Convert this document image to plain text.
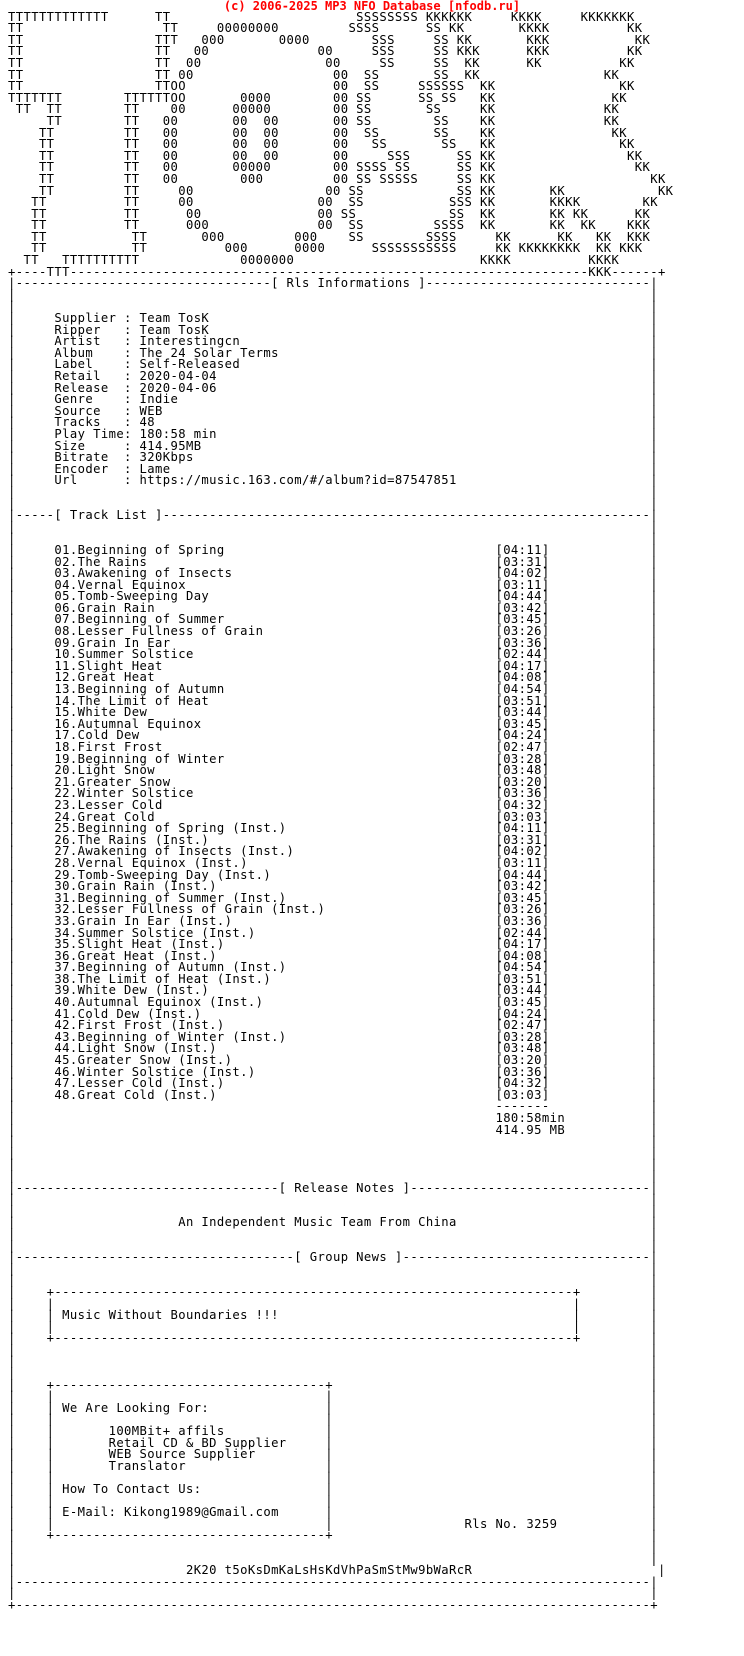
(c) 2006-2025 MP3 NFO Database [nfodb.ru]

TTTTTTTTTTTTT      TT                        SSSSSSSS KKKKKK     KKKK     KKKKKKK
TT                  TT     00000000         SSSS      SS KK       KKKK          KK
TT                 TTT   000       0000        SSS     SS KK       KKK           KK
TT                 TT   00              00     SSS     SS KKK      KKK          KK
TT                 TT  00                00     SS     SS  KK      KK          KK
TT                 TT 00                  00  SS       SS  KK                KK
TT                 TTOO                   00  SS     SSSSSS  KK                KK
TTTTTTT        TTTTTTOO       0000        00 SS      SS SS   KK               KK
TT  TT        TT    00      00000        00 SS       SS     KK              KK
TT        TT   00       00  00       00 SS        SS    KK              KK
TT         TT   00       00  00       00  SS       SS    KK               KK
TT         TT   00       00  00       00   SS       SS   KK                KK
TT         TT   00       00  00       00     SSS      SS KK                 KK
TT         TT   00       00000        00 SSSS SS      SS KK                  KK
TT         TT   00        000         00 SS SSSSS     SS KK                    KK
TT         TT     00                 00 SS            SS KK       KK            KK
TT          TT     00                00  SS           SSS KK       KKKK        KK
TT          TT      00               00 SS            SS  KK       KK KK      KK
TT          TT      000              00  SS         SSSS  KK       KK  KK    KKK
TT           TT       000         000    SS        SSSS     KK      KK   KK  KKK
TT           TT          000      0000      SSSSSSSSSSS     KK KKKKKKKK  KK KKK
TT   TTTTTTTTTT             0000000                        KKKK          KKKK
+----TTT-------------------------------------------------------------------KKK------+
|---------------------------------[ Rls Informations ]-----------------------------|
|                                                                                  |
|                                                                                  |
|     Supplier : Team TosK                                                         |
|     Ripper   : Team TosK                                                         |
|     Artist   : Interestingcn                                                     |
|     Album    : The 24 Solar Terms                                                |
|     Label    : Self-Released                                                     |
|     Retail   : 2020-04-04                                                        |
|     Release  : 2020-04-06                                                        |
|     Genre    : Indie                                                             |
|     Source   : WEB                                                               |
|     Tracks   : 48                                                                |
|     Play Time: 180:58 min                                                        |
|     Size     : 414.95MB                                                          |
|     Bitrate  : 320Kbps                                                           |
|     Encoder  : Lame                                                              |
|     Url      : https://music.163.com/#/album?id=87547851                         |
|                                                                                  |
|                                                                                  |
|-----[ Track List ]---------------------------------------------------------------|
|                                                                                  |
|                                                                                  |
|     01.Beginning of Spring                                   [04:11]             |
|     02.The Rains                                             [03:31]             |
|     03.Awakening of Insects                                  [04:02]             |
|     04.Vernal Equinox                                        [03:11]             |
|     05.Tomb-Sweeping Day                                     [04:44]             |
|     06.Grain Rain                                            [03:42]             |
|     07.Beginning of Summer                                   [03:45]             |
|     08.Lesser Fullness of Grain                              [03:26]             |
|     09.Grain In Ear                                          [03:36]             |
|     10.Summer Solstice                                       [02:44]             |
|     11.Slight Heat                                           [04:17]             |
|     12.Great Heat                                            [04:08]             |
|     13.Beginning of Autumn                                   [04:54]             |
|     14.The Limit of Heat                                     [03:51]             |
|     15.White Dew                                             [03:44]             |
|     16.Autumnal Equinox                                      [03:45]             |
|     17.Cold Dew                                              [04:24]             |
|     18.First Frost                                           [02:47]             |
|     19.Beginning of Winter                                   [03:28]             |
|     20.Light Snow                                            [03:48]             |
|     21.Greater Snow                                          [03:20]             |
|     22.Winter Solstice                                       [03:36]             |
|     23.Lesser Cold                                           [04:32]             |
|     24.Great Cold                                            [03:03]             |
|     25.Beginning of Spring (Inst.)                           [04:11]             |
|     26.The Rains (Inst.)                                     [03:31]             |
|     27.Awakening of Insects (Inst.)                          [04:02]             |
|     28.Vernal Equinox (Inst.)                                [03:11]             |
|     29.Tomb-Sweeping Day (Inst.)                             [04:44]             |
|     30.Grain Rain (Inst.)                                    [03:42]             |
|     31.Beginning of Summer (Inst.)                           [03:45]             |
|     32.Lesser Fullness of Grain (Inst.)                      [03:26]             |
|     33.Grain In Ear (Inst.)                                  [03:36]             |
|     34.Summer Solstice (Inst.)                               [02:44]             |
|     35.Slight Heat (Inst.)                                   [04:17]             |
|     36.Great Heat (Inst.)                                    [04:08]             |
|     37.Beginning of Autumn (Inst.)                           [04:54]             |
|     38.The Limit of Heat (Inst.)                             [03:51]             |
|     39.White Dew (Inst.)                                     [03:44]             |
|     40.Autumnal Equinox (Inst.)                              [03:45]             |
|     41.Cold Dew (Inst.)                                      [04:24]             |
|     42.First Frost (Inst.)                                   [02:47]             |
|     43.Beginning of Winter (Inst.)                           [03:28]             |
|     44.Light Snow (Inst.)                                    [03:48]             |
|     45.Greater Snow (Inst.)                                  [03:20]             |
|     46.Winter Solstice (Inst.)                               [03:36]             |
|     47.Lesser Cold (Inst.)                                   [04:32]             |
|     48.Great Cold (Inst.)                                    [03:03]             |
|                                                              -------             |
|                                                              180:58min           |
|                                                              414.95 MB           |
|                                                                                  |
|                                                                                  |
|                                                                                  |
|                                                                                  |
|----------------------------------[ Release Notes ]-------------------------------|
|                                                                                  |
|                                                                                  |
|                     An Independent Music Team From China                         |
|                                                                                  |
|                                                                                  |
|------------------------------------[ Group News ]--------------------------------|
|                                                                                  |
|                                                                                  |
|    +-------------------------------------------------------------------+         |
|    |                                                                   |         |
|    | Music Without Boundaries !!!                                      |         |
|    |                                                                   |         |
|    +-------------------------------------------------------------------+         |
|                                                                                  |
|                                                                                  |
|                                                                                  |
|    +-----------------------------------+                                         |
|    |                                   |                                         |
|    | We Are Looking For:               |                                         |
|    |                                   |                                         |
|    |       100MBit+ affils             |                                         |
|    |       Retail CD & BD Supplier     |                                         |
|    |       WEB Source Supplier         |                                         |
|    |       Translator                  |                                         |
|    |                                   |                                         |
|    | How To Contact Us:                |                                         |
|    |                                   |                                         |
|    | E-Mail: Kikong1989@Gmail.com      |                                         |
|    |                                   |                 Rls No. 3259            |
|    +-----------------------------------+                                         |
|                                                                                  |
|                                                                                  |
|                      2K20 t5oKsDmKaLsHsKdVhPaSmStMw9bWaRcR                        |
|----------------------------------------------------------------------------------|
|                                                                                  |
+----------------------------------------------------------------------------------+
